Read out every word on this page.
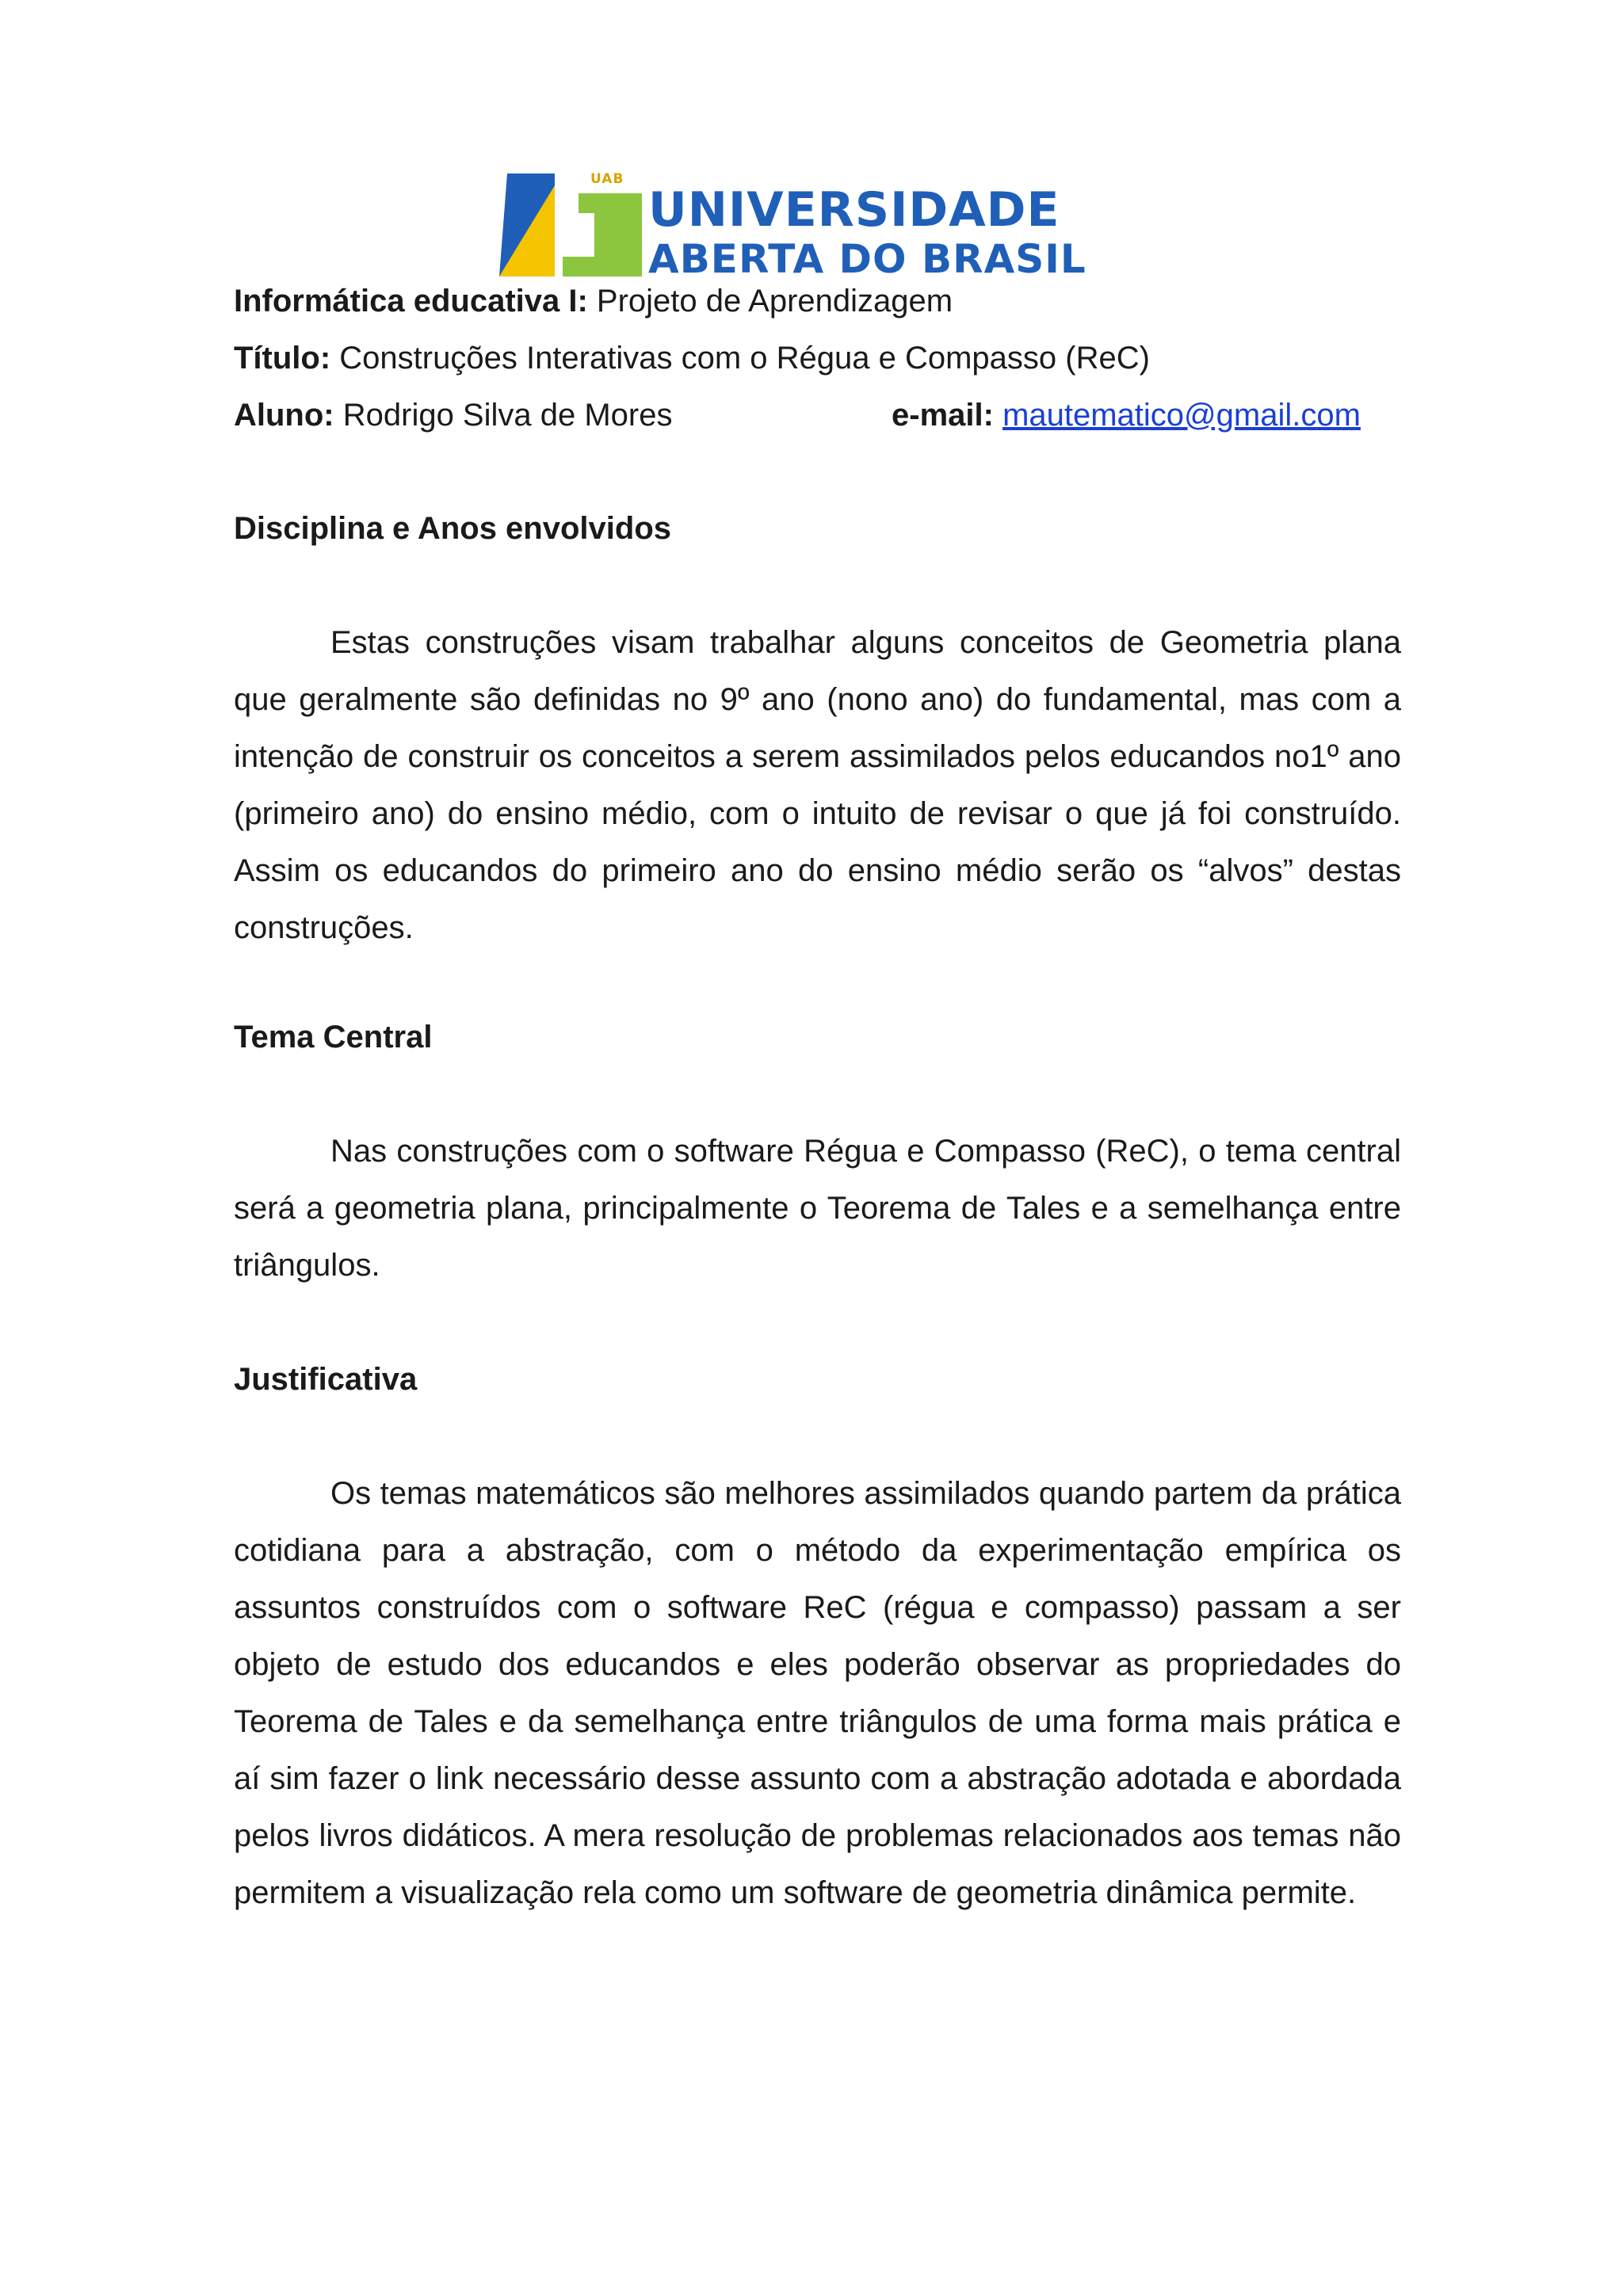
UAB
UNIVERSIDADE
ABERTA DO BRASIL
Informática educativa I: Projeto de Aprendizagem
Título: Construções Interativas com o Régua e Compasso (ReC)
Aluno: Rodrigo Silva de Mores	e-mail: mautematico@gmail.com
Disciplina e Anos envolvidos

Estas construções visam trabalhar alguns conceitos de Geometria plana que geralmente são definidas no 9º ano (nono ano) do fundamental, mas com a intenção de construir os conceitos a serem assimilados pelos educandos no1º ano (primeiro ano) do ensino médio, com o intuito de revisar o que já foi construído. Assim os educandos do primeiro ano do ensino médio serão os “alvos” destas construções.

Tema Central

Nas construções com o software Régua e Compasso (ReC), o tema central será a geometria plana, principalmente o Teorema de Tales e a semelhança entre triângulos.

Justificativa

Os temas matemáticos são melhores assimilados quando partem da prática cotidiana para a abstração, com o método da experimentação empírica os assuntos construídos com o software ReC (régua e compasso) passam a ser objeto de estudo dos educandos e eles poderão observar as propriedades do Teorema de Tales e da semelhança entre triângulos de uma forma mais prática e aí sim fazer o link necessário desse assunto com a abstração adotada e abordada pelos livros didáticos. A mera resolução de problemas relacionados aos temas não permitem a visualização rela como um software de geometria dinâmica permite.
